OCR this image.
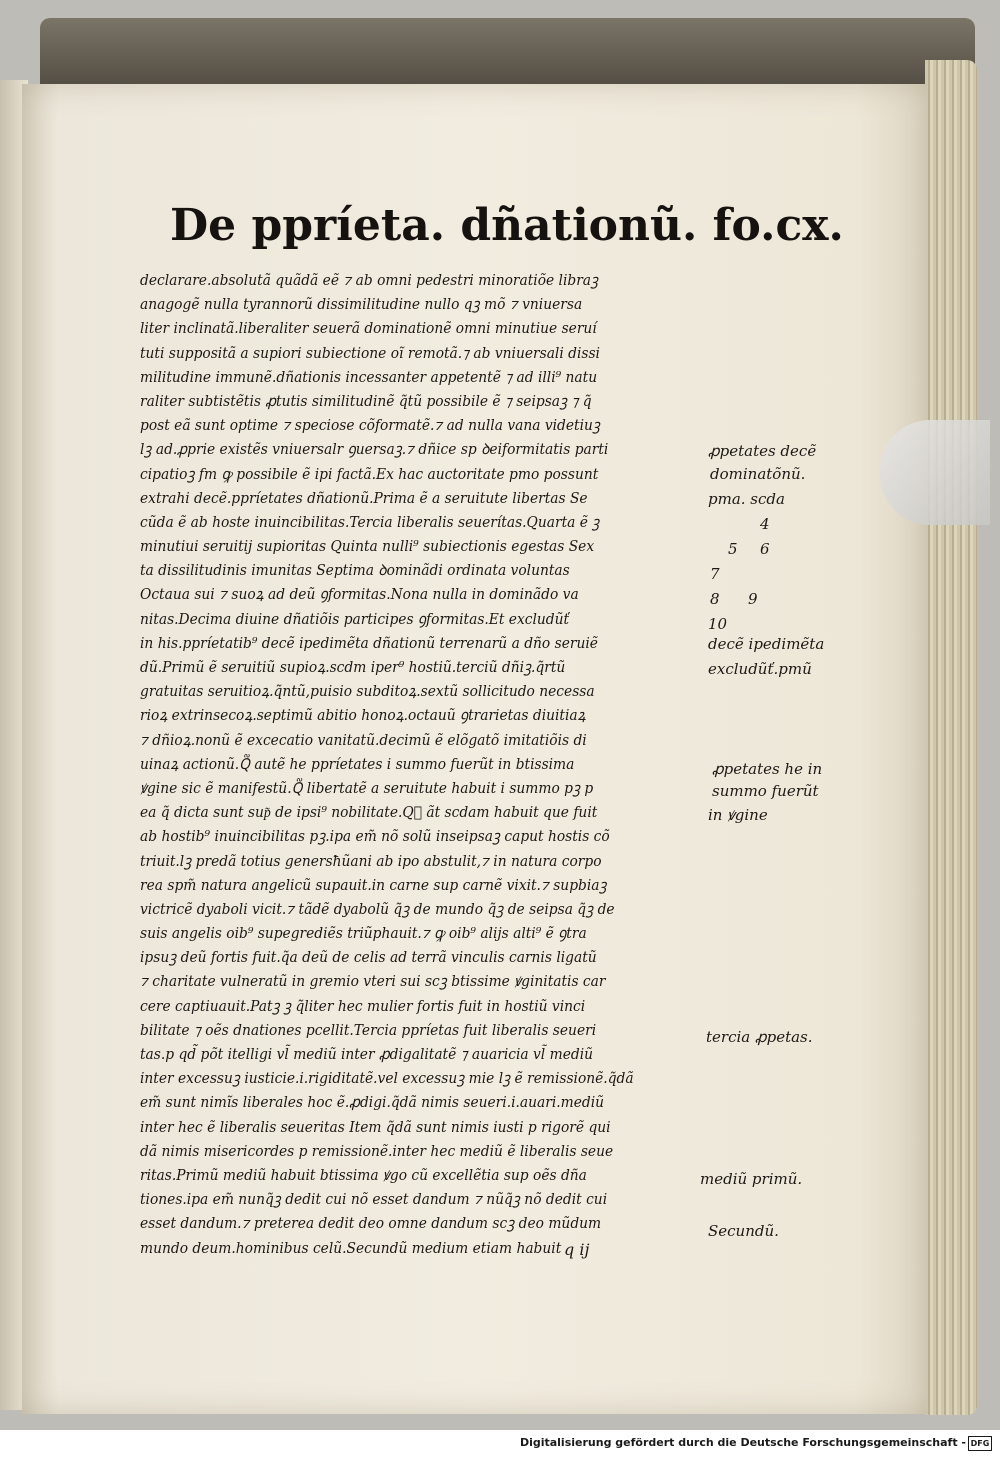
De ppríeta. dñationũ. fo.cx.
declarare.absolutã quãdã eẽ ⁊ ab omni pedestri minoratiõe libraꝫ
anagogẽ nulla tyrannorũ dissimilitudine nullo qꝫ mõ ⁊ vniuersa
liter inclinatã.liberaliter seuerã dominationẽ omni minutiue seruí
tuti suppositã a supiori subiectione oĩ remotã.⁊ ab vniuersali dissi
militudine immunẽ.dñationis incessanter appetentẽ ⁊ ad illi⁹ natu
raliter subtistẽtis ꝓtutis similitudinẽ q̃tũ possibile ẽ ⁊ seipsaꝫ ⁊ q̃
post eã sunt optime ⁊ speciose cõformatẽ.⁊ ad nulla vana videtiuꝫ
lꝫ ad.ꝓprie existẽs vniuersalr ꝯuersaꝫ.⁊ dñice sp ꝺeiformitatis parti
cipatioꝫ fm ꝙ possibile ẽ ipi factã.Ex hac auctoritate pmo possunt
extrahi decẽ.ppríetates dñationũ.Prima ẽ a seruitute libertas Se
cũda ẽ ab hoste inuincibilitas.Tercia liberalis seuerítas.Quarta ẽ ꝫ
minutiui seruitij supioritas Quinta nulli⁹ subiectionis egestas Sex
ta dissilitudinis imunitas Septima ꝺominãdi ordinata voluntas
Octaua sui ⁊ suoꝝ ad deũ ꝯformitas.Nona nulla in dominãdo va
nitas.Decima diuine dñatiõis participes ꝯformitas.Et excludũť
in his.ppríetatib⁹ decẽ ipedimẽta dñationũ terrenarũ a dño seruiẽ
dũ.Primũ ẽ seruitiũ supioꝝ.scdm iper⁹ hostiũ.terciũ dñiꝫ.q̃rtũ
gratuitas seruitioꝝ.q̃ntũ,puisio subditoꝝ.sextũ sollicitudo necessa
rioꝝ extrinsecoꝝ.septimũ abitio honoꝝ.octauũ ꝯtrarietas diuitiaꝝ
⁊ dñioꝝ.nonũ ẽ excecatio vanitatũ.decimũ ẽ elõgatõ imitatiõis di
uinaꝝ actionũ.Q᷑ autẽ he ppríetates i summo fuerũt in btissima
ꝟgine sic ẽ manifestũ.Q᷑ libertatẽ a seruitute habuit i summo pꝫ p
ea q̃ dicta sunt sup͂ de ipsi⁹ nobilitate.Q᷑ ãt scdam habuit que fuit
ab hostib⁹ inuincibilitas pꝫ.ipa em̃ nõ solũ inseipsaꝫ caput hostis cõ
triuit.lꝫ predã totius genersħũani ab ipo abstulit,⁊ in natura corpo
rea spm̃ natura angelicũ supauit.in carne sup carnẽ vixit.⁊ supbiaꝫ
victricẽ dyaboli vicit.⁊ tãdẽ dyabolũ q̃ꝫ de mundo q̃ꝫ de seipsa q̃ꝫ de
suis angelis oib⁹ supegrediẽs triũphauit.⁊ ꝙ oib⁹ alijs alti⁹ ẽ ꝯtra
ipsuꝫ deũ fortis fuit.q̃a deũ de celis ad terrã vinculis carnis ligatũ
⁊ charitate vulneratũ in gremio vteri sui scꝫ btissime ꝟginitatis car
cere captiuauit.Patꝫ ꝫ q̃liter hec mulier fortis fuit in hostiũ vinci
bilitate ⁊ oẽs dnationes pcellit.Tercia ppríetas fuit liberalis seueri
tas.p qd̃ põt itelligi vl̃ mediũ inter ꝓdigalitatẽ ⁊ auaricia vl̃ mediũ
inter excessuꝫ iusticie.i.rigiditatẽ.vel excessuꝫ mie lꝫ ẽ remissionẽ.q̃dã
em̃ sunt nimĩs liberales hoc ẽ.ꝓdigi.q̃dã nimis seueri.i.auari.mediũ
inter hec ẽ liberalis seueritas Item q̃dã sunt nimis iusti p rigorẽ qui
dã nimis misericordes p remissionẽ.inter hec mediũ ẽ liberalis seue
ritas.Primũ mediũ habuit btissima ꝟgo cũ excellẽtia sup oẽs dña
tiones.ipa em̃ nunq̃ꝫ dedit cui nõ esset dandum ⁊ nũq̃ꝫ nõ dedit cui
esset dandum.⁊ preterea dedit deo omne dandum scꝫ deo mũdum
mundo deum.hominibus celũ.Secundũ medium etiam habuit
ꝓpetates decẽ
dominatõnũ.
pma. scda
4
5 6
7
8 9
10
decẽ ipedimẽta
excludũť.pmũ
ꝓpetates he in
summo fuerũt
in ꝟgine
tercia ꝓpetas.
mediũ primũ.
Secundũ.
q ij
Digitalisierung gefördert durch die Deutsche Forschungsgemeinschaft - DFG
